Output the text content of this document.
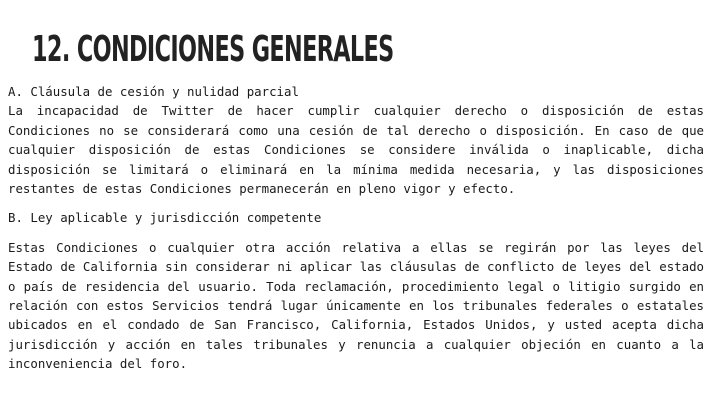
12. CONDICIONES GENERALES
A. Cláusula de cesión y nulidad parcial

La incapacidad de Twitter de hacer cumplir cualquier derecho o disposición de estas Condiciones no se considerará como una cesión de tal derecho o disposición. En caso de que cualquier disposición de estas Condiciones se considere inválida o inaplicable, dicha disposición se limitará o eliminará en la mínima medida necesaria, y las disposiciones restantes de estas Condiciones permanecerán en pleno vigor y efecto.

B. Ley aplicable y jurisdicción competente

Estas Condiciones o cualquier otra acción relativa a ellas se regirán por las leyes del Estado de California sin considerar ni aplicar las cláusulas de conflicto de leyes del estado o país de residencia del usuario. Toda reclamación, procedimiento legal o litigio surgido en relación con estos Servicios tendrá lugar únicamente en los tribunales federales o estatales ubicados en el condado de San Francisco, California, Estados Unidos, y usted acepta dicha jurisdicción y acción en tales tribunales y renuncia a cualquier objeción en cuanto a la inconveniencia del foro.
